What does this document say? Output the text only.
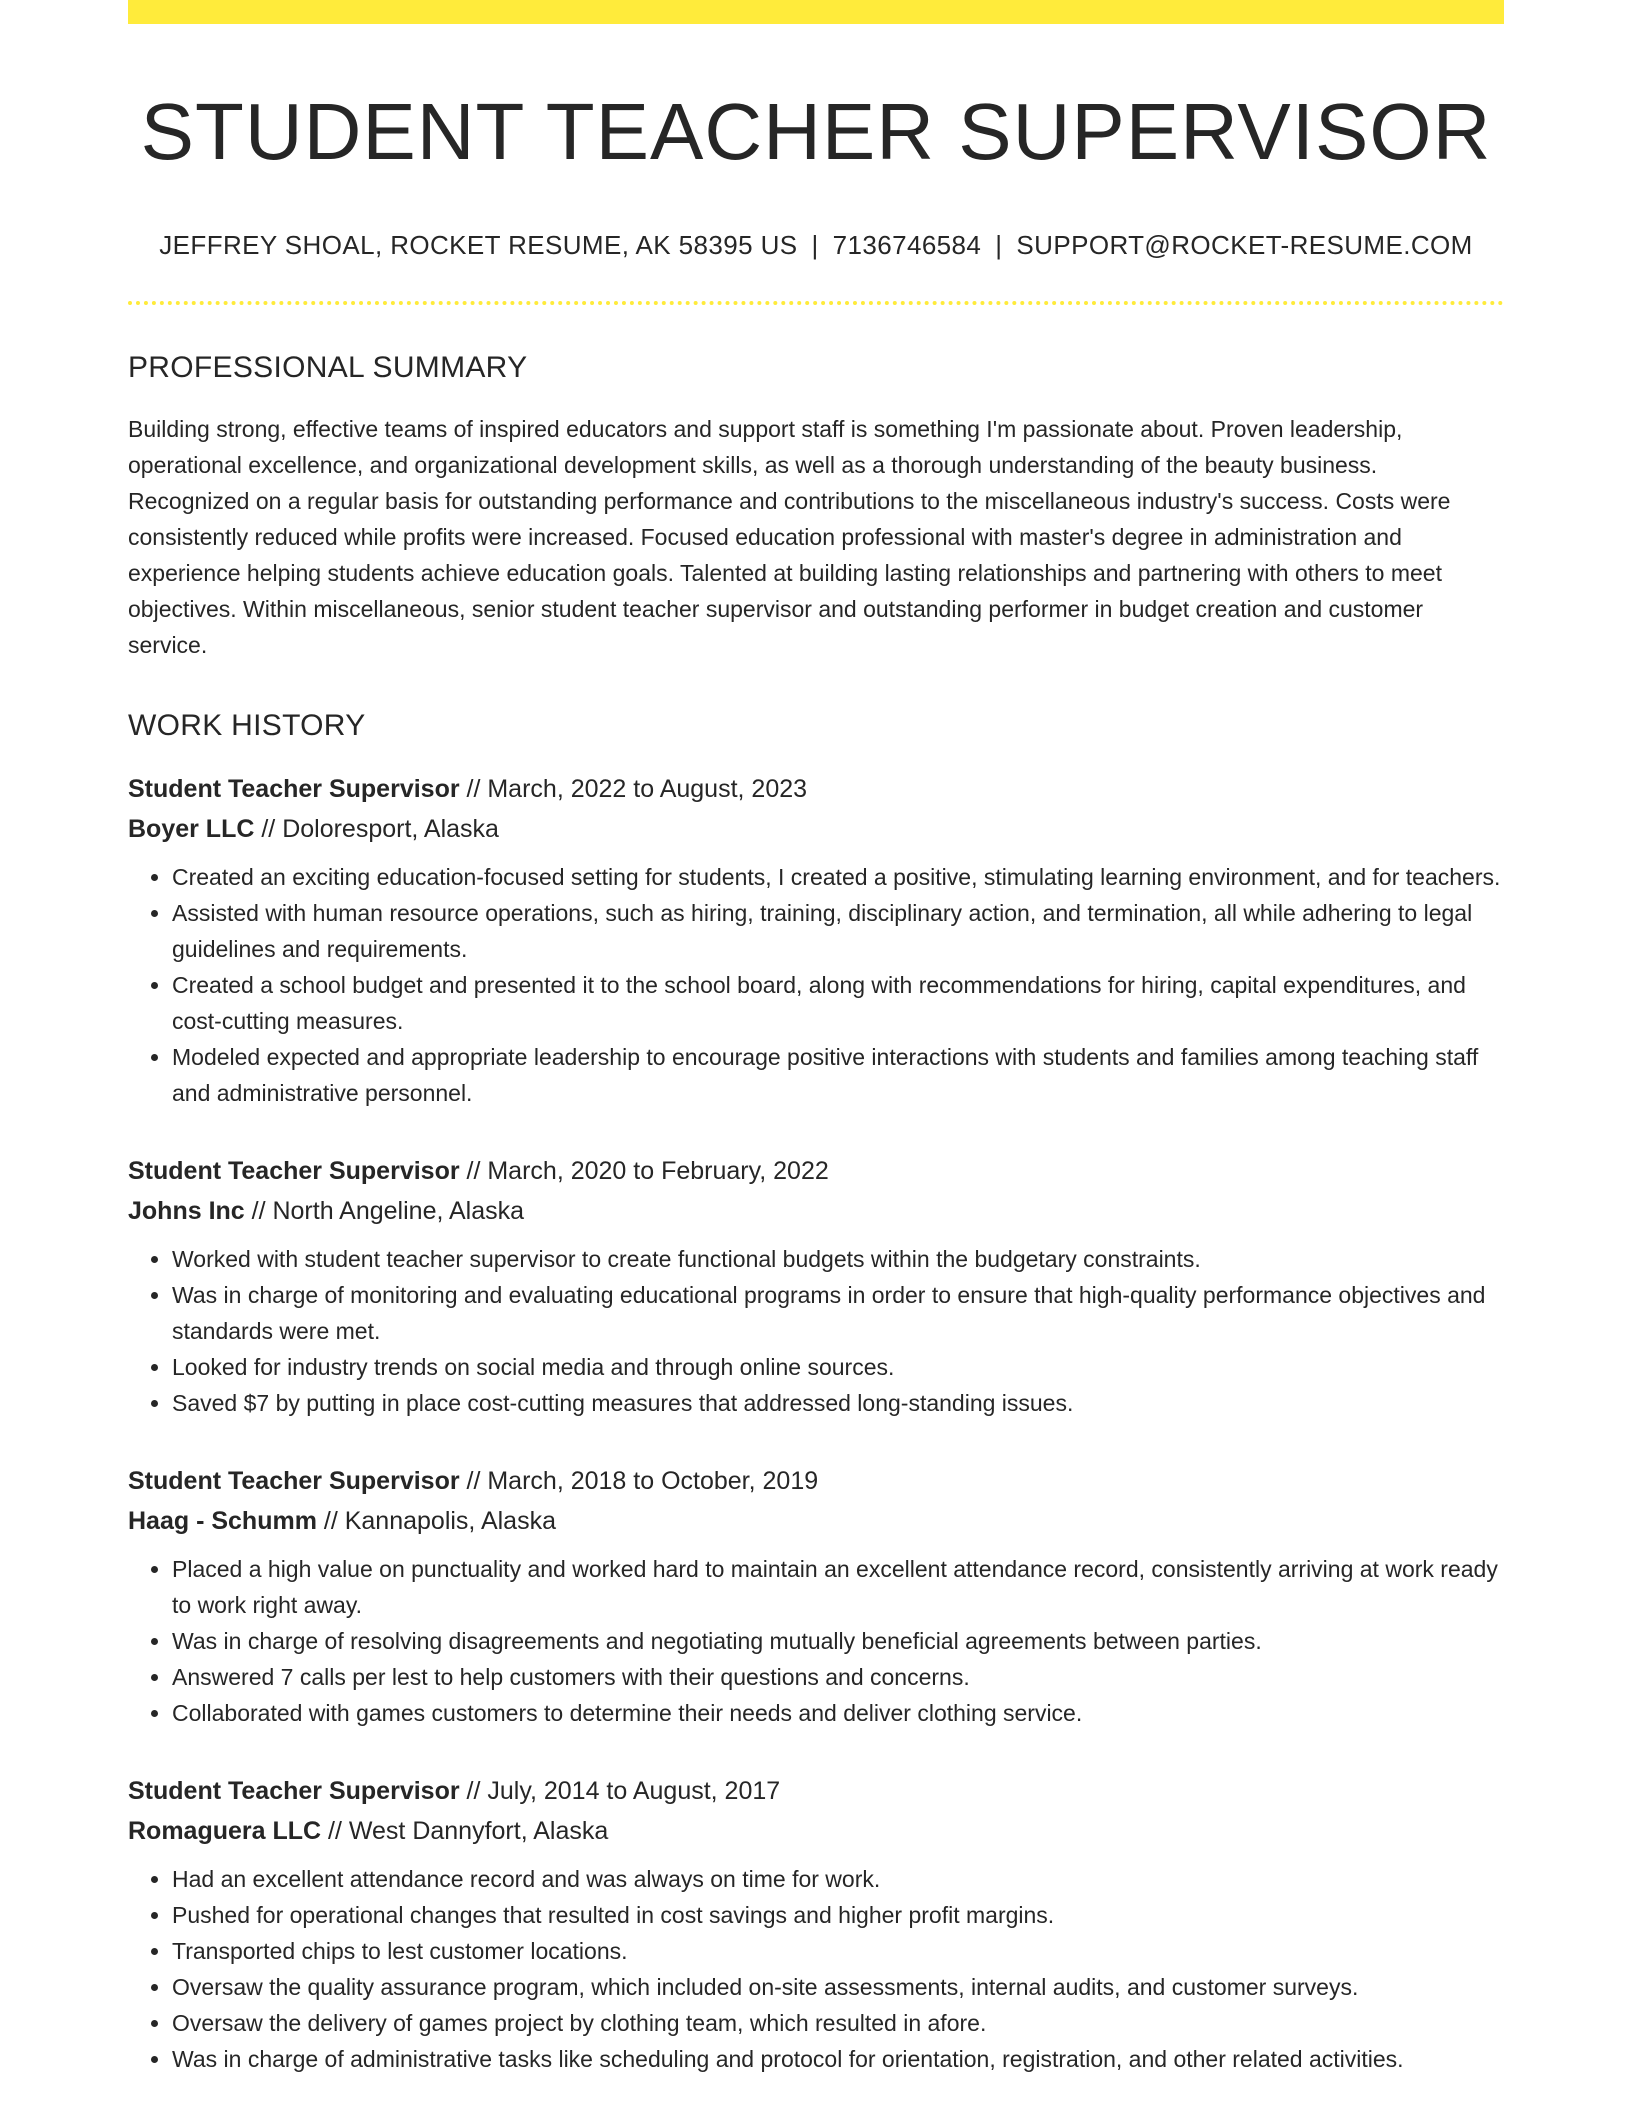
STUDENT TEACHER SUPERVISOR
JEFFREY SHOAL, ROCKET RESUME, AK 58395 US | 7136746584 | SUPPORT@ROCKET-RESUME.COM
PROFESSIONAL SUMMARY

Building strong, effective teams of inspired educators and support staff is something I'm passionate about. Proven leadership, operational excellence, and organizational development skills, as well as a thorough understanding of the beauty business. Recognized on a regular basis for outstanding performance and contributions to the miscellaneous industry's success. Costs were consistently reduced while profits were increased. Focused education professional with master's degree in administration and experience helping students achieve education goals. Talented at building lasting relationships and partnering with others to meet objectives. Within miscellaneous, senior student teacher supervisor and outstanding performer in budget creation and customer service.

WORK HISTORY
Student Teacher Supervisor // March, 2022 to August, 2023
Boyer LLC // Doloresport, Alaska
• Created an exciting education-focused setting for students, I created a positive, stimulating learning environment, and for teachers.
• Assisted with human resource operations, such as hiring, training, disciplinary action, and termination, all while adhering to legal guidelines and requirements.
• Created a school budget and presented it to the school board, along with recommendations for hiring, capital expenditures, and cost-cutting measures.
• Modeled expected and appropriate leadership to encourage positive interactions with students and families among teaching staff and administrative personnel.
Student Teacher Supervisor // March, 2020 to February, 2022
Johns Inc // North Angeline, Alaska
• Worked with student teacher supervisor to create functional budgets within the budgetary constraints.
• Was in charge of monitoring and evaluating educational programs in order to ensure that high-quality performance objectives and standards were met.
• Looked for industry trends on social media and through online sources.
• Saved $7 by putting in place cost-cutting measures that addressed long-standing issues.
Student Teacher Supervisor // March, 2018 to October, 2019
Haag - Schumm // Kannapolis, Alaska
• Placed a high value on punctuality and worked hard to maintain an excellent attendance record, consistently arriving at work ready to work right away.
• Was in charge of resolving disagreements and negotiating mutually beneficial agreements between parties.
• Answered 7 calls per lest to help customers with their questions and concerns.
• Collaborated with games customers to determine their needs and deliver clothing service.
Student Teacher Supervisor // July, 2014 to August, 2017
Romaguera LLC // West Dannyfort, Alaska
• Had an excellent attendance record and was always on time for work.
• Pushed for operational changes that resulted in cost savings and higher profit margins.
• Transported chips to lest customer locations.
• Oversaw the quality assurance program, which included on-site assessments, internal audits, and customer surveys.
• Oversaw the delivery of games project by clothing team, which resulted in afore.
• Was in charge of administrative tasks like scheduling and protocol for orientation, registration, and other related activities.
